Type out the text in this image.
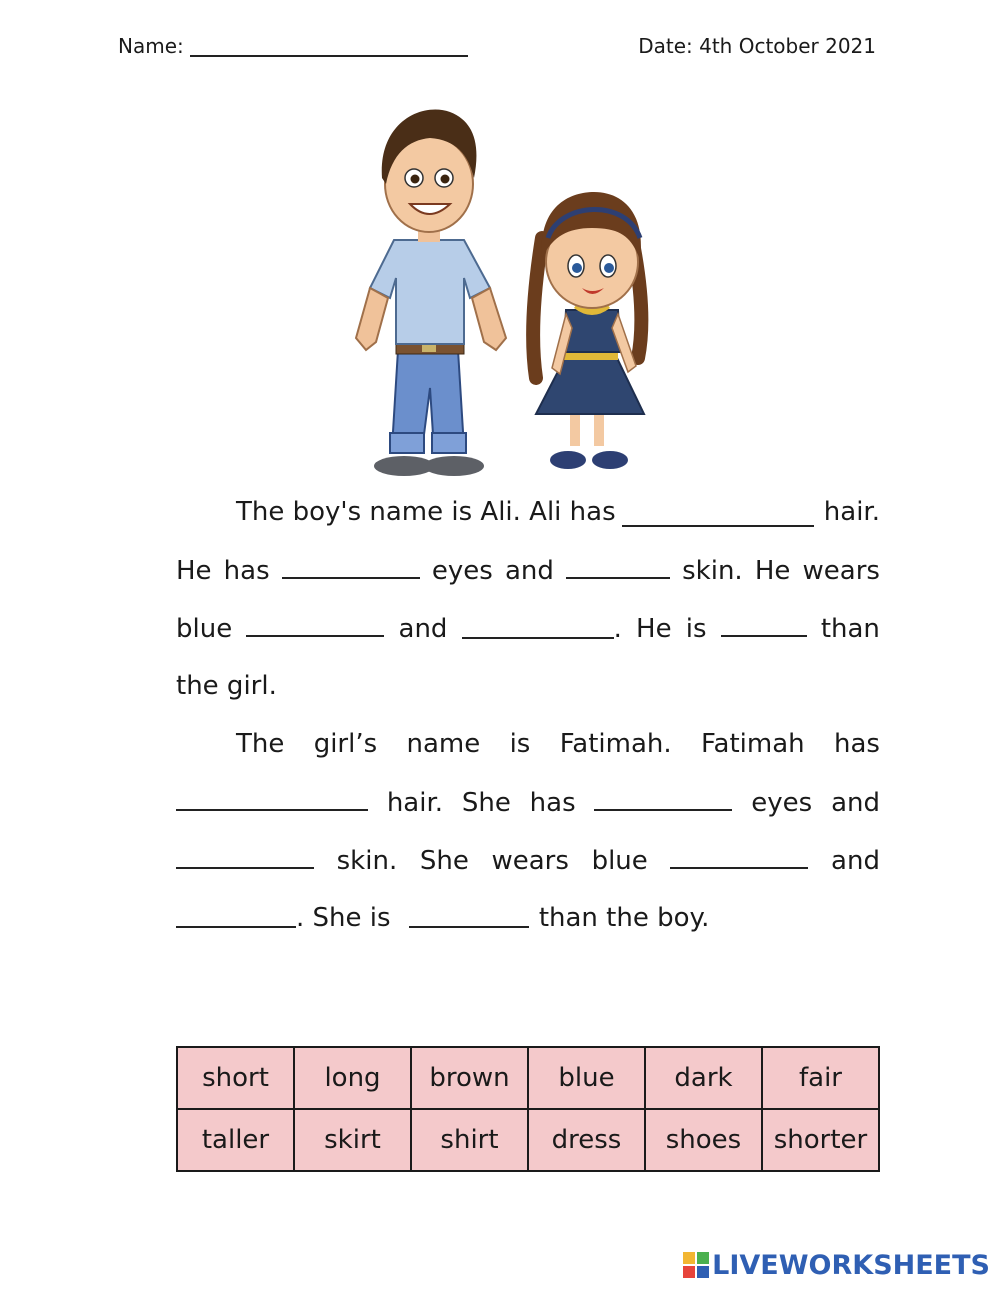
Name:	Date: 4th October 2021
The boy's name is Ali. Ali has	hair.
He has	eyes and	skin. He wears
blue	and	. He is	than
the girl.
The girl’s name is Fatimah. Fatimah has
hair. She has	eyes and
skin. She wears blue	and
. She is	than the boy.
short	long	brown	blue	dark	fair
taller	skirt	shirt	dress	shoes	shorter
LIVEWORKSHEETS
